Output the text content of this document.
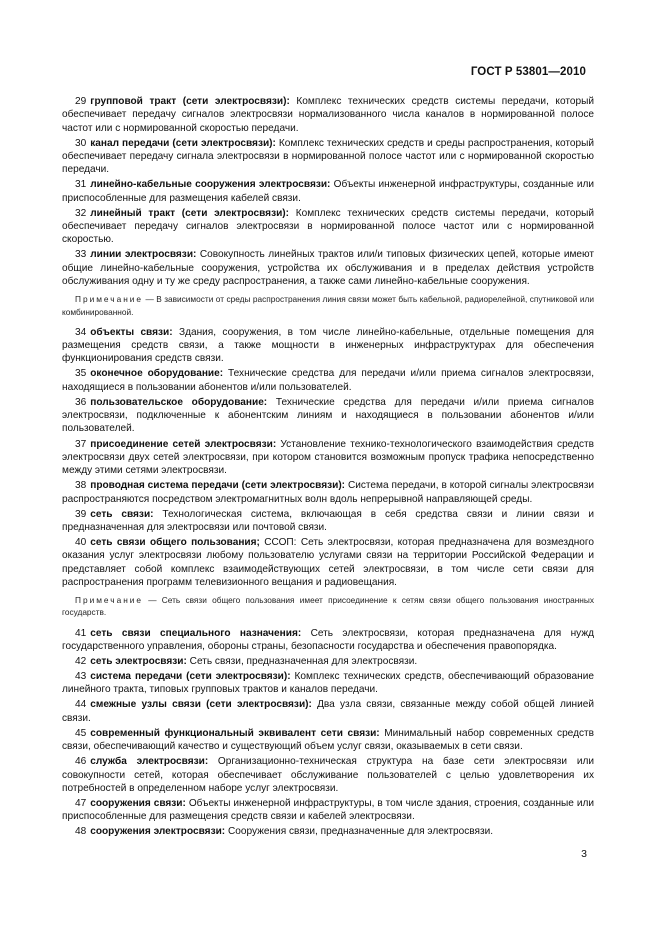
ГОСТ Р 53801—2010

29 групповой тракт (сети электросвязи): Комплекс технических средств системы передачи, который обеспечивает передачу сигналов электросвязи нормализованного числа каналов в нормированной полосе частот или с нормированной скоростью передачи.

30 канал передачи (сети электросвязи): Комплекс технических средств и среды распространения, который обеспечивает передачу сигнала электросвязи в нормированной полосе частот или с нормированной скоростью передачи.

31 линейно-кабельные сооружения электросвязи: Объекты инженерной инфраструктуры, созданные или приспособленные для размещения кабелей связи.

32 линейный тракт (сети электросвязи): Комплекс технических средств системы передачи, который обеспечивает передачу сигналов электросвязи в нормированной полосе частот или с нормированной скоростью.

33 линии электросвязи: Совокупность линейных трактов или/и типовых физических цепей, которые имеют общие линейно-кабельные сооружения, устройства их обслуживания и в пределах действия устройств обслуживания одну и ту же среду распространения, а также сами линейно-кабельные сооружения.

Примечание — В зависимости от среды распространения линия связи может быть кабельной, радиорелейной, спутниковой или комбинированной.

34 объекты связи: Здания, сооружения, в том числе линейно-кабельные, отдельные помещения для размещения средств связи, а также мощности в инженерных инфраструктурах для обеспечения функционирования средств связи.

35 оконечное оборудование: Технические средства для передачи и/или приема сигналов электросвязи, находящиеся в пользовании абонентов и/или пользователей.

36 пользовательское оборудование: Технические средства для передачи и/или приема сигналов электросвязи, подключенные к абонентским линиям и находящиеся в пользовании абонентов и/или пользователей.

37 присоединение сетей электросвязи: Установление технико-технологического взаимодействия средств электросвязи двух сетей электросвязи, при котором становится возможным пропуск трафика непосредственно между этими сетями электросвязи.

38 проводная система передачи (сети электросвязи): Система передачи, в которой сигналы электросвязи распространяются посредством электромагнитных волн вдоль непрерывной направляющей среды.

39 сеть связи: Технологическая система, включающая в себя средства связи и линии связи и предназначенная для электросвязи или почтовой связи.

40 сеть связи общего пользования; ССОП: Сеть электросвязи, которая предназначена для возмездного оказания услуг электросвязи любому пользователю услугами связи на территории Российской Федерации и представляет собой комплекс взаимодействующих сетей электросвязи, в том числе сети связи для распространения программ телевизионного вещания и радиовещания.

Примечание — Сеть связи общего пользования имеет присоединение к сетям связи общего пользования иностранных государств.

41 сеть связи специального назначения: Сеть электросвязи, которая предназначена для нужд государственного управления, обороны страны, безопасности государства и обеспечения правопорядка.

42 сеть электросвязи: Сеть связи, предназначенная для электросвязи.

43 система передачи (сети электросвязи): Комплекс технических средств, обеспечивающий образование линейного тракта, типовых групповых трактов и каналов передачи.

44 смежные узлы связи (сети электросвязи): Два узла связи, связанные между собой общей линией связи.

45 современный функциональный эквивалент сети связи: Минимальный набор современных средств связи, обеспечивающий качество и существующий объем услуг связи, оказываемых в сети связи.

46 служба электросвязи: Организационно-техническая структура на базе сети электросвязи или совокупности сетей, которая обеспечивает обслуживание пользователей с целью удовлетворения их потребностей в определенном наборе услуг электросвязи.

47 сооружения связи: Объекты инженерной инфраструктуры, в том числе здания, строения, созданные или приспособленные для размещения средств связи и кабелей электросвязи.

48 сооружения электросвязи: Сооружения связи, предназначенные для электросвязи.

3
